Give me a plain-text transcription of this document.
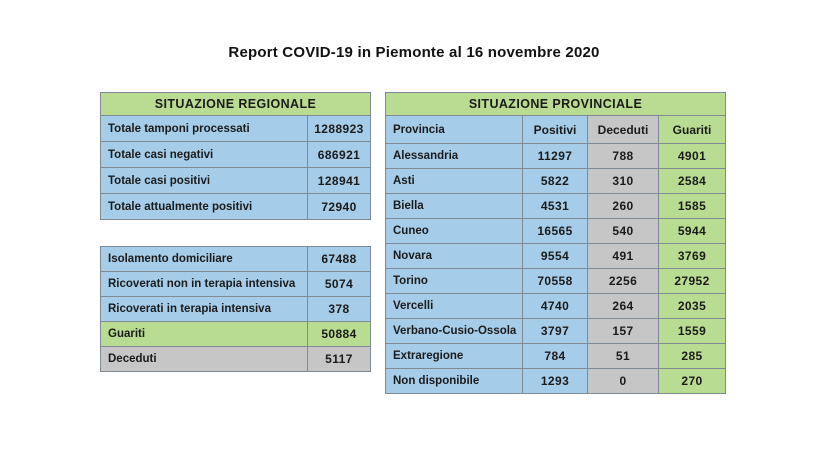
Report COVID-19 in Piemonte al 16 novembre 2020
SITUAZIONE REGIONALE	
Totale tamponi processati	1288923
Totale casi negativi	686921
Totale casi positivi	128941
Totale attualmente positivi	72940
Isolamento domiciliare	67488
Ricoverati non in terapia intensiva	5074
Ricoverati in terapia intensiva	378
Guariti	50884
Deceduti	5117
SITUAZIONE PROVINCIALE			
Provincia	Positivi	Deceduti	Guariti
Alessandria	11297	788	4901
Asti	5822	310	2584
Biella	4531	260	1585
Cuneo	16565	540	5944
Novara	9554	491	3769
Torino	70558	2256	27952
Vercelli	4740	264	2035
Verbano-Cusio-Ossola	3797	157	1559
Extraregione	784	51	285
Non disponibile	1293	0	270
